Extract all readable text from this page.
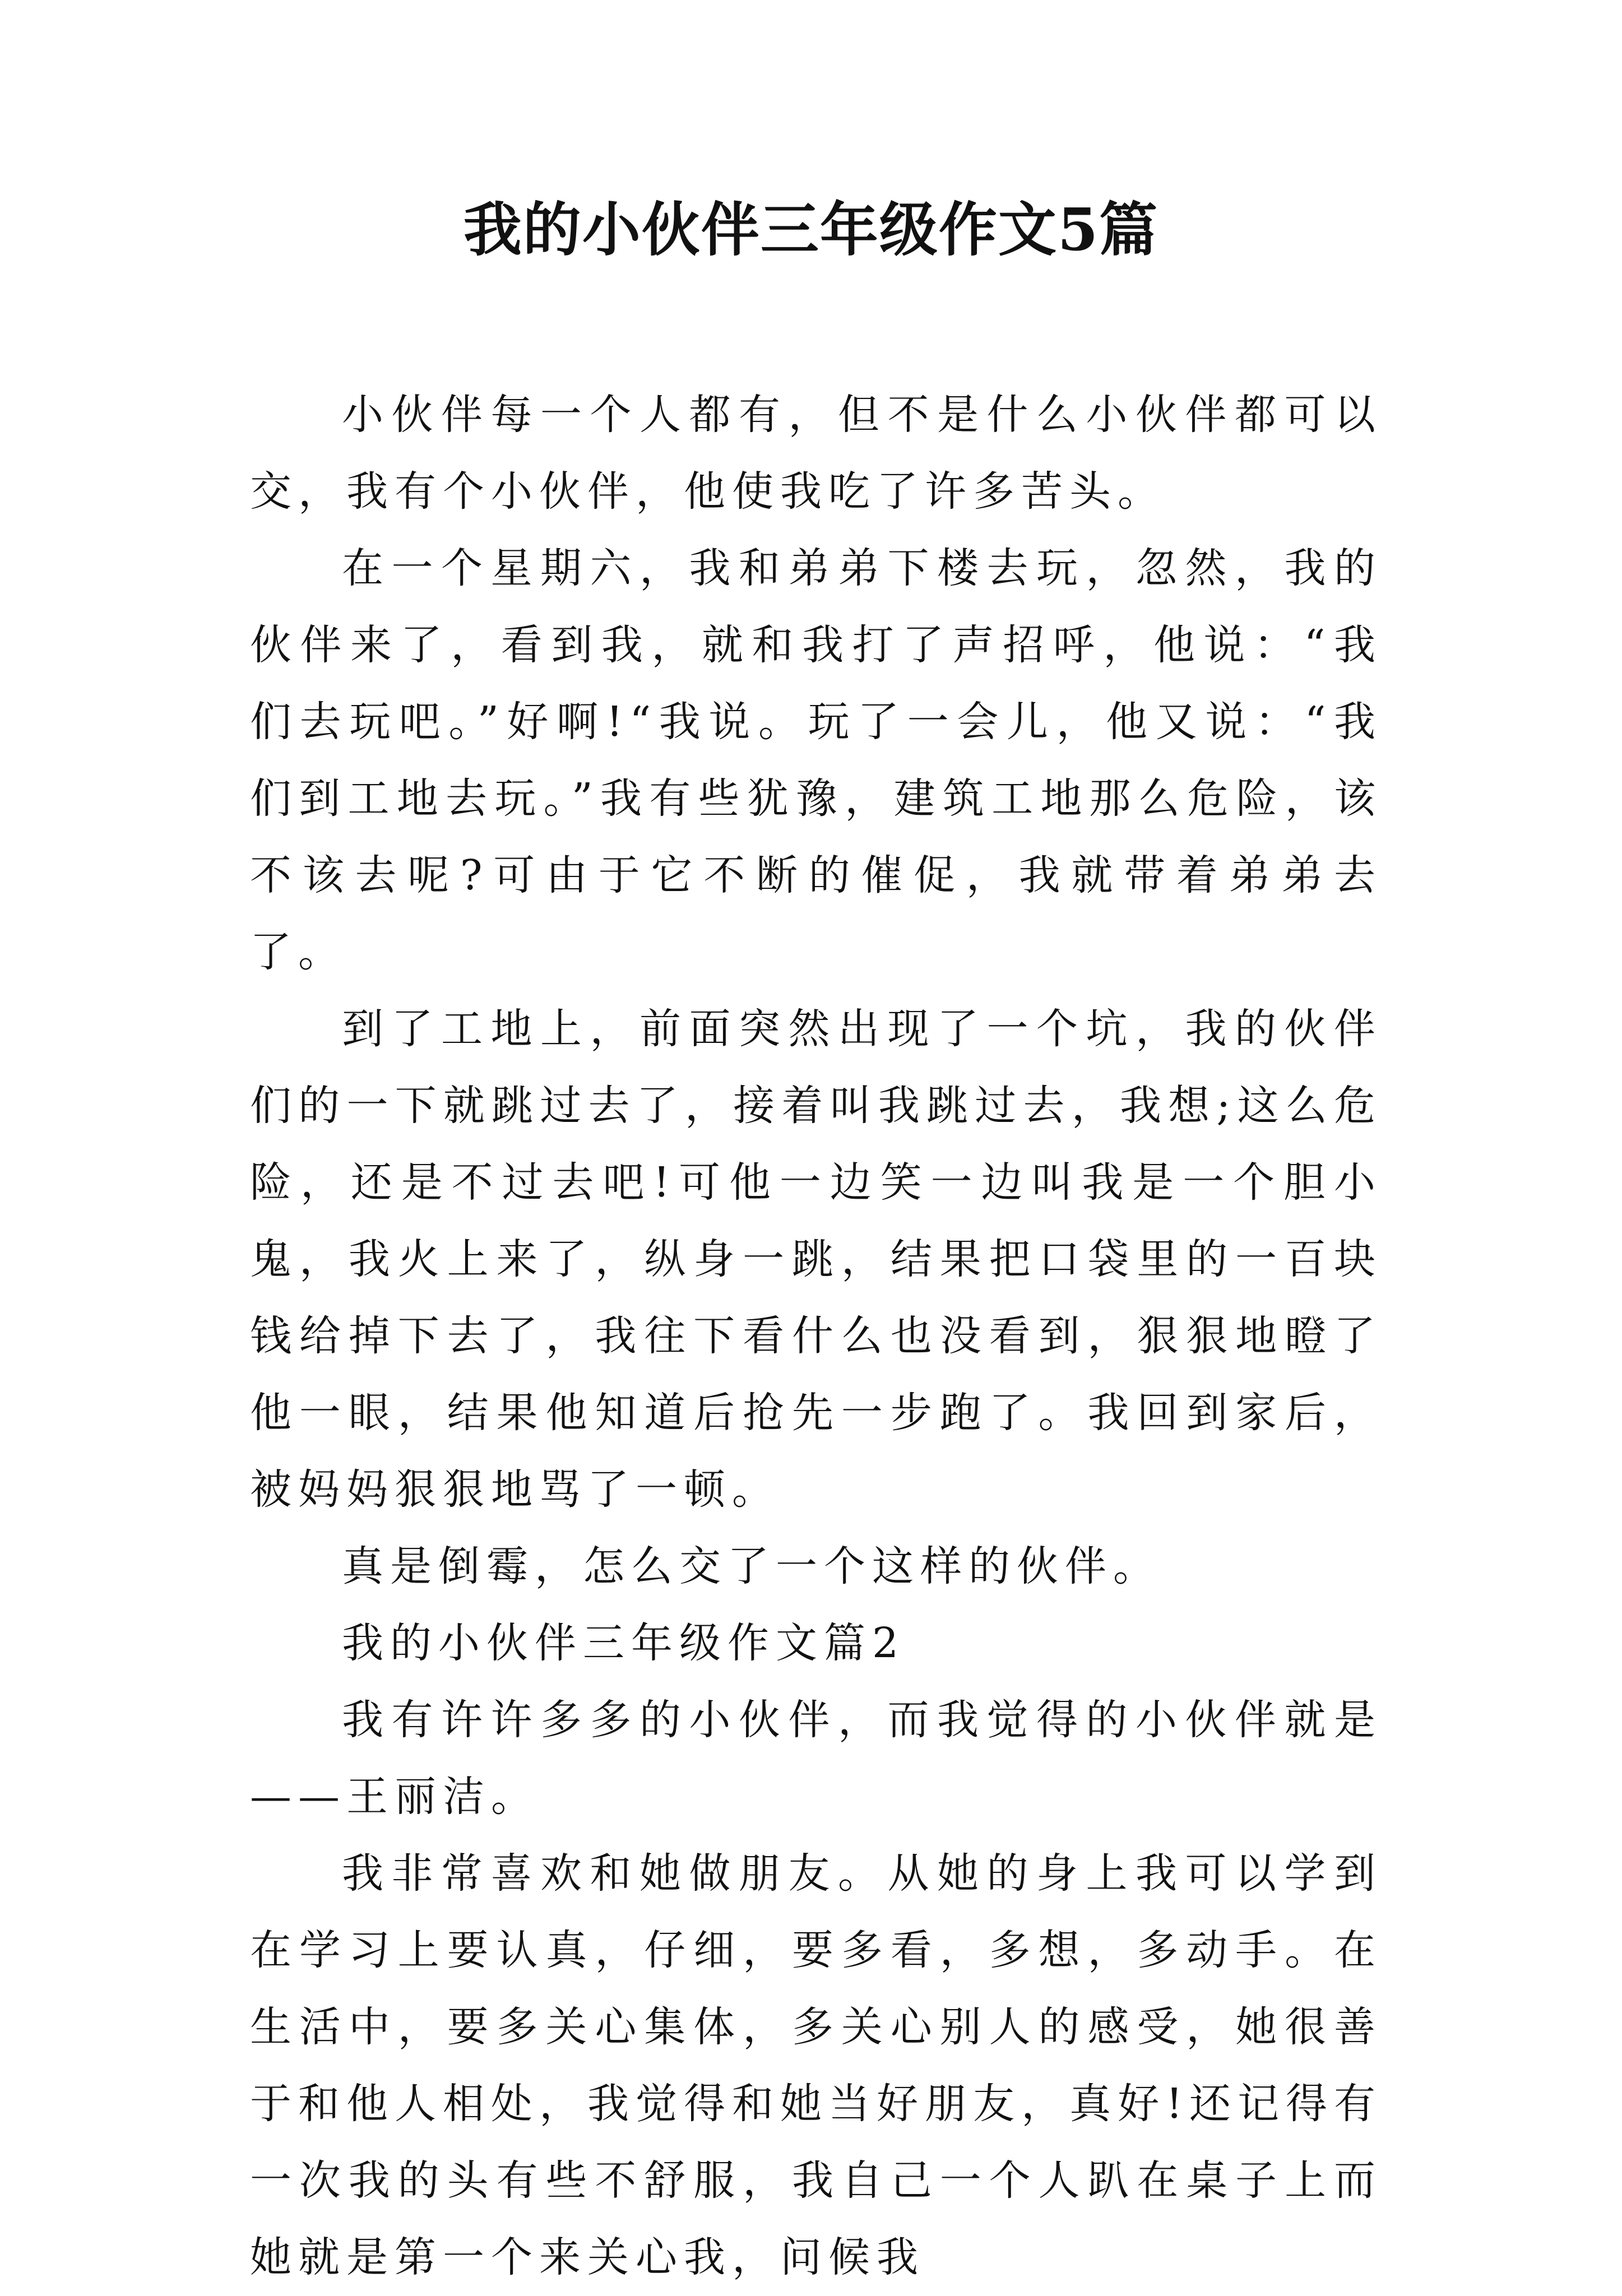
我的小伙伴三年级作文5篇

小伙伴每一个人都有，但不是什么小伙伴都可以交，我有个小伙伴，他使我吃了许多苦头。

在一个星期六，我和弟弟下楼去玩，忽然，我的伙伴来了，看到我，就和我打了声招呼，他说：“我们去玩吧。”好啊!“我说。玩了一会儿，他又说：“我们到工地去玩。”我有些犹豫，建筑工地那么危险，该不该去呢?可由于它不断的催促，我就带着弟弟去了。

到了工地上，前面突然出现了一个坑，我的伙伴们的一下就跳过去了，接着叫我跳过去，我想;这么危险，还是不过去吧!可他一边笑一边叫我是一个胆小鬼，我火上来了，纵身一跳，结果把口袋里的一百块钱给掉下去了，我往下看什么也没看到，狠狠地瞪了他一眼，结果他知道后抢先一步跑了。我回到家后，被妈妈狠狠地骂了一顿。

真是倒霉，怎么交了一个这样的伙伴。

我的小伙伴三年级作文篇2

我有许许多多的小伙伴，而我觉得的小伙伴就是——王丽洁。

我非常喜欢和她做朋友。从她的身上我可以学到在学习上要认真，仔细，要多看，多想，多动手。在生活中，要多关心集体，多关心别人的感受，她很善于和他人相处，我觉得和她当好朋友，真好!还记得有一次我的头有些不舒服，我自己一个人趴在桌子上而她就是第一个来关心我，问候我
